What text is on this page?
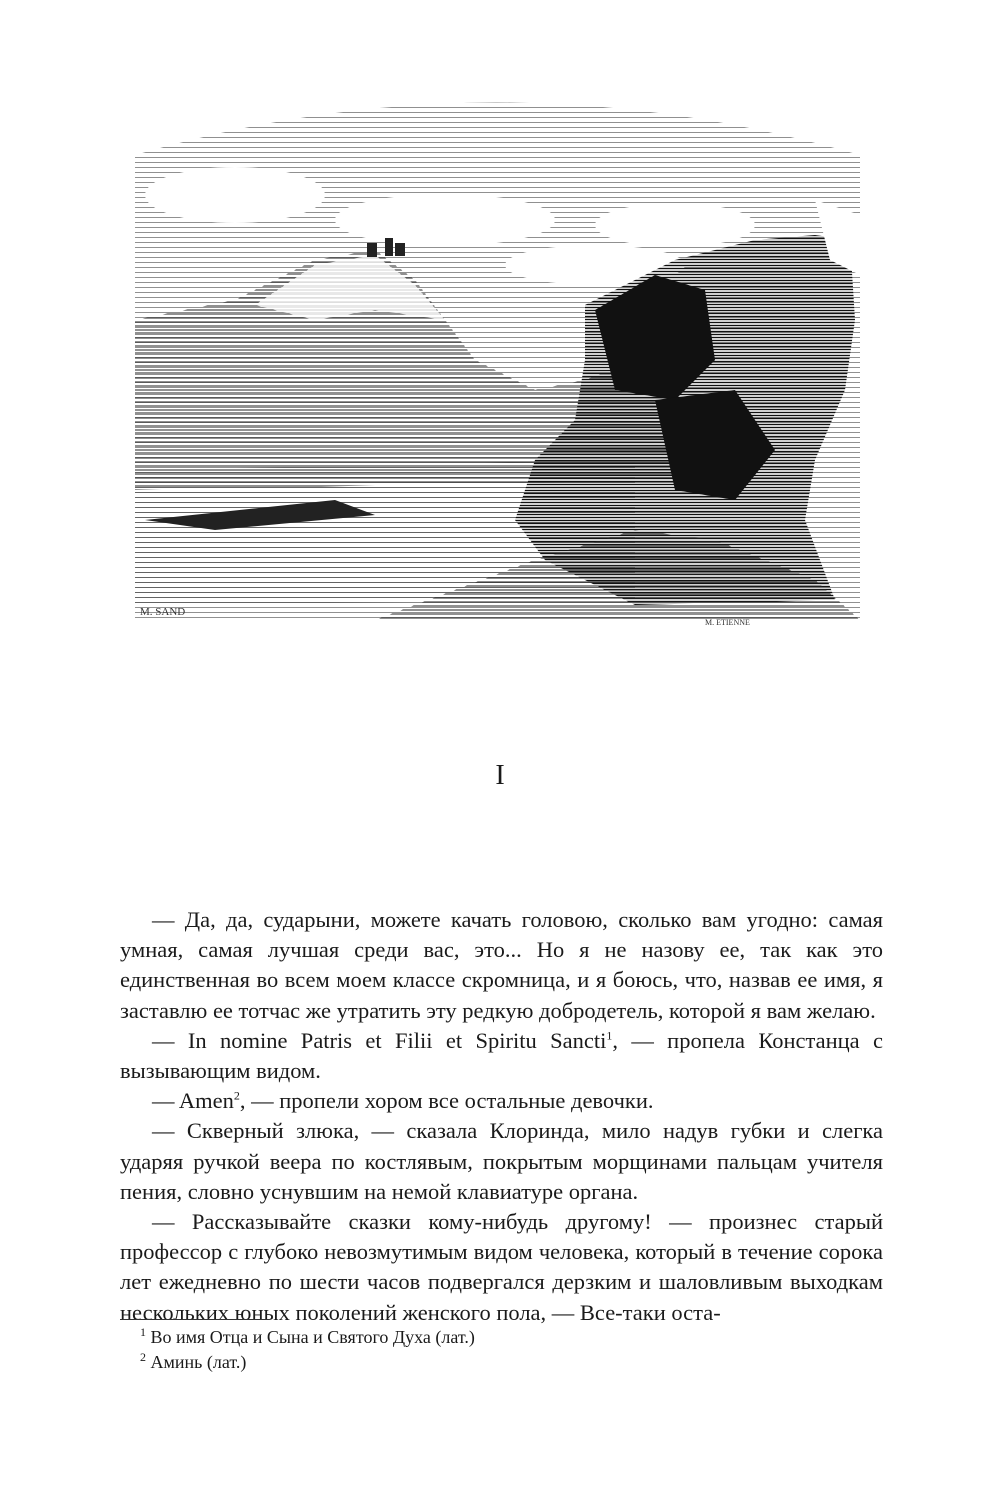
M. SAND
M. ETIENNE
I

— Да, да, сударыни, можете качать головою, сколько вам угодно: самая умная, самая лучшая среди вас, это... Но я не назову ее, так как это единственная во всем моем классе скромница, и я боюсь, что, назвав ее имя, я заставлю ее тотчас же утратить эту редкую добродетель, которой я вам желаю.

— In nomine Patris et Filii et Spiritu Sancti$^1$, — пропела Констанца с вызывающим видом.

— Amen$^2$, — пропели хором все остальные девочки.

— Скверный злюка, — сказала Клоринда, мило надув губки и слегка ударяя ручкой веера по костлявым, покрытым морщинами пальцам учителя пения, словно уснувшим на немой клавиатуре органа.

— Рассказывайте сказки кому-нибудь другому! — произнес старый профессор с глубоко невозмутимым видом человека, который в течение сорока лет ежедневно по шести часов подвергался дерзким и шаловливым выходкам нескольких юных поколений женского пола, — Все-таки оста-

$^1$ Во имя Отца и Сына и Святого Духа (лат.)
$^2$ Аминь (лат.)
